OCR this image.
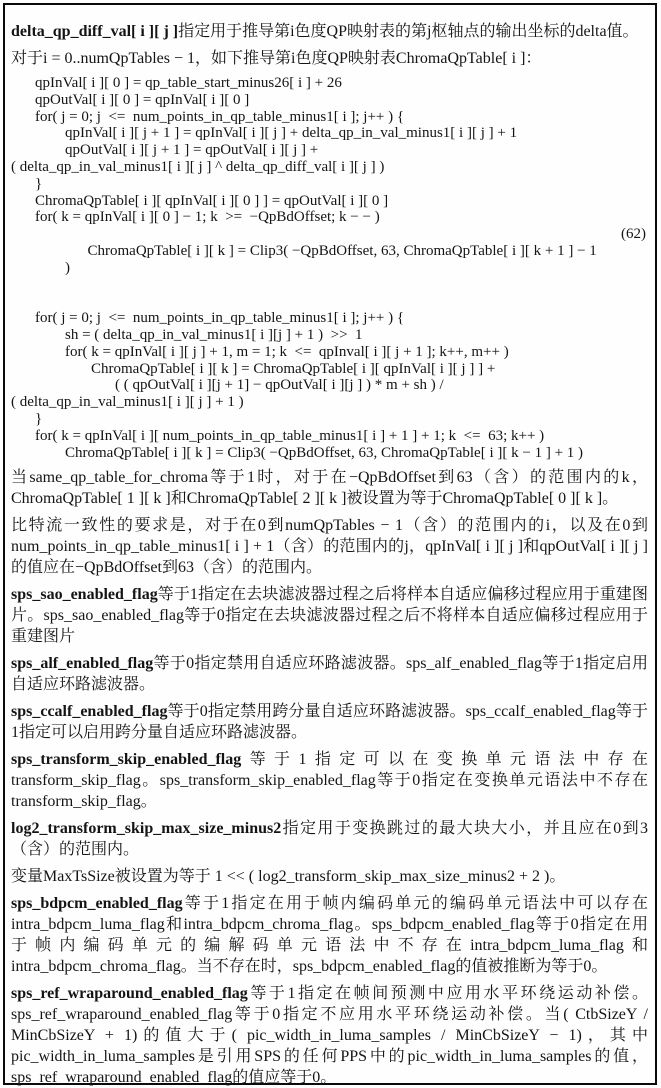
delta_qp_diff_val[ i ][ j ]指定用于推导第i色度QP映射表的第j枢轴点的输出坐标的delta值。

对于i = 0..numQpTables − 1，如下推导第i色度QP映射表ChromaQpTable[ i ]：

qpInVal[ i ][ 0 ] = qp_table_start_minus26[ i ] + 26
qpOutVal[ i ][ 0 ] = qpInVal[ i ][ 0 ]
for( j = 0; j  <=  num_points_in_qp_table_minus1[ i ]; j++ ) {
qpInVal[ i ][ j + 1 ] = qpInVal[ i ][ j ] + delta_qp_in_val_minus1[ i ][ j ] + 1
qpOutVal[ i ][ j + 1 ] = qpOutVal[ i ][ j ] +
( delta_qp_in_val_minus1[ i ][ j ] ^ delta_qp_diff_val[ i ][ j ] )
}
ChromaQpTable[ i ][ qpInVal[ i ][ 0 ] ] = qpOutVal[ i ][ 0 ]
for( k = qpInVal[ i ][ 0 ] − 1; k  >=  −QpBdOffset; k − − )

ChromaQpTable[ i ][ k ] = Clip3( −QpBdOffset, 63, ChromaQpTable[ i ][ k + 1 ] − 1 )

(62)

for( j = 0; j  <=  num_points_in_qp_table_minus1[ i ]; j++ ) {
sh = ( delta_qp_in_val_minus1[ i ][j ] + 1 )  >>  1
for( k = qpInVal[ i ][ j ] + 1, m = 1; k  <=  qpInval[ i ][ j + 1 ]; k++, m++ )
ChromaQpTable[ i ][ k ] = ChromaQpTable[ i ][ qpInVal[ i ][ j ] ] +
( ( qpOutVal[ i ][j + 1] − qpOutVal[ i ][j ] ) * m + sh ) /
( delta_qp_in_val_minus1[ i ][ j ] + 1 )
}
for( k = qpInVal[ i ][ num_points_in_qp_table_minus1[ i ] + 1 ] + 1; k  <=  63; k++ )
ChromaQpTable[ i ][ k ] = Clip3( −QpBdOffset, 63, ChromaQpTable[ i ][ k − 1 ] + 1 )

当same_qp_table_for_chroma等于1时，对于在−QpBdOffset到63（含）的范围内的k，ChromaQpTable[ 1 ][ k ]和ChromaQpTable[ 2 ][ k ]被设置为等于ChromaQpTable[ 0 ][ k ]。

比特流一致性的要求是，对于在0到numQpTables − 1（含）的范围内的i，以及在0到num_points_in_qp_table_minus1[ i ] + 1（含）的范围内的j，qpInVal[ i ][ j ]和qpOutVal[ i ][ j ]的值应在−QpBdOffset到63（含）的范围内。

sps_sao_enabled_flag等于1指定在去块滤波器过程之后将样本自适应偏移过程应用于重建图片。sps_sao_enabled_flag等于0指定在去块滤波器过程之后不将样本自适应偏移过程应用于重建图片

sps_alf_enabled_flag等于0指定禁用自适应环路滤波器。sps_alf_enabled_flag等于1指定启用自适应环路滤波器。

sps_ccalf_enabled_flag等于0指定禁用跨分量自适应环路滤波器。sps_ccalf_enabled_flag等于1指定可以启用跨分量自适应环路滤波器。

sps_transform_skip_enabled_flag等于1指定可以在变换单元语法中存在transform_skip_flag。sps_transform_skip_enabled_flag等于0指定在变换单元语法中不存在transform_skip_flag。

log2_transform_skip_max_size_minus2指定用于变换跳过的最大块大小，并且应在0到3（含）的范围内。

变量MaxTsSize被设置为等于 1 << ( log2_transform_skip_max_size_minus2 + 2 )。

sps_bdpcm_enabled_flag等于1指定在用于帧内编码单元的编码单元语法中可以存在intra_bdpcm_luma_flag和intra_bdpcm_chroma_flag。sps_bdpcm_enabled_flag等于0指定在用于帧内编码单元的编解码单元语法中不存在intra_bdpcm_luma_flag和intra_bdpcm_chroma_flag。当不存在时，sps_bdpcm_enabled_flag的值被推断为等于0。

sps_ref_wraparound_enabled_flag等于1指定在帧间预测中应用水平环绕运动补偿。sps_ref_wraparound_enabled_flag等于0指定不应用水平环绕运动补偿。当( CtbSizeY / MinCbSizeY + 1)的值大于( pic_width_in_luma_samples / MinCbSizeY − 1)，其中pic_width_in_luma_samples是引用SPS的任何PPS中的pic_width_in_luma_samples的值，sps_ref_wraparound_enabled_flag的值应等于0。
